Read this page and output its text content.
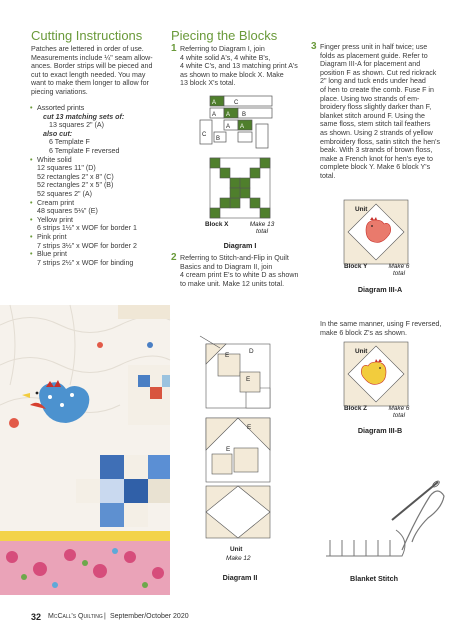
Cutting Instructions
Patches are lettered in order of use.
Measurements include ¼" seam allow-
ances. Border strips will be pieced and
cut to exact length needed. You may
want to make them longer to allow for
piecing variations.
• Assorted prints
cut 13 matching sets of:
13 squares 2" (A)
also cut:
6 Template F
6 Template F reversed
• White solid
12 squares 11" (D)
52 rectangles 2" x 8" (C)
52 rectangles 2" x 5" (B)
52 squares 2" (A)
• Cream print
48 squares 5⅛" (E)
• Yellow print
6 strips 1½" x WOF for border 1
• Pink print
7 strips 3½" x WOF for border 2
• Blue print
7 strips 2½" x WOF for binding
Piecing the Blocks
1 Referring to Diagram I, join
4 white solid A's, 4 white B's,
4 white C's, and 13 matching print A's
as shown to make block X. Make
13 block X's total.
A	C
A A B
A A
C
B
Block X	Make 13
total
Diagram I
2 Referring to Stitch-and-Flip in Quilt
Basics and to Diagram II, join
4 cream print E's to white D as shown
to make unit. Make 12 units total.
E
D
E
E
E
Unit
Make 12
Diagram II
3 Finger press unit in half twice; use
folds as placement guide. Refer to
Diagram III-A for placement and
position F as shown. Cut red rickrack
2" long and tuck ends under head
of hen to create the comb. Fuse F in
place. Using two strands of em-
broidery floss slightly darker than F,
blanket stitch around F. Using the
same floss, stem stitch tail feathers
as shown. Using 2 strands of yellow
embroidery floss, satin stitch the hen's
beak. With 3 strands of brown floss,
make a French knot for hen's eye to
complete block Y. Make 6 block Y's
total.
Unit
Block Y	Make 6
total
Diagram III-A
In the same manner, using F reversed,
make 6 block Z's as shown.
Unit
Block Z	Make 6
total
Diagram III-B
Blanket Stitch
32 McCall's Quilting | September/October 2020
